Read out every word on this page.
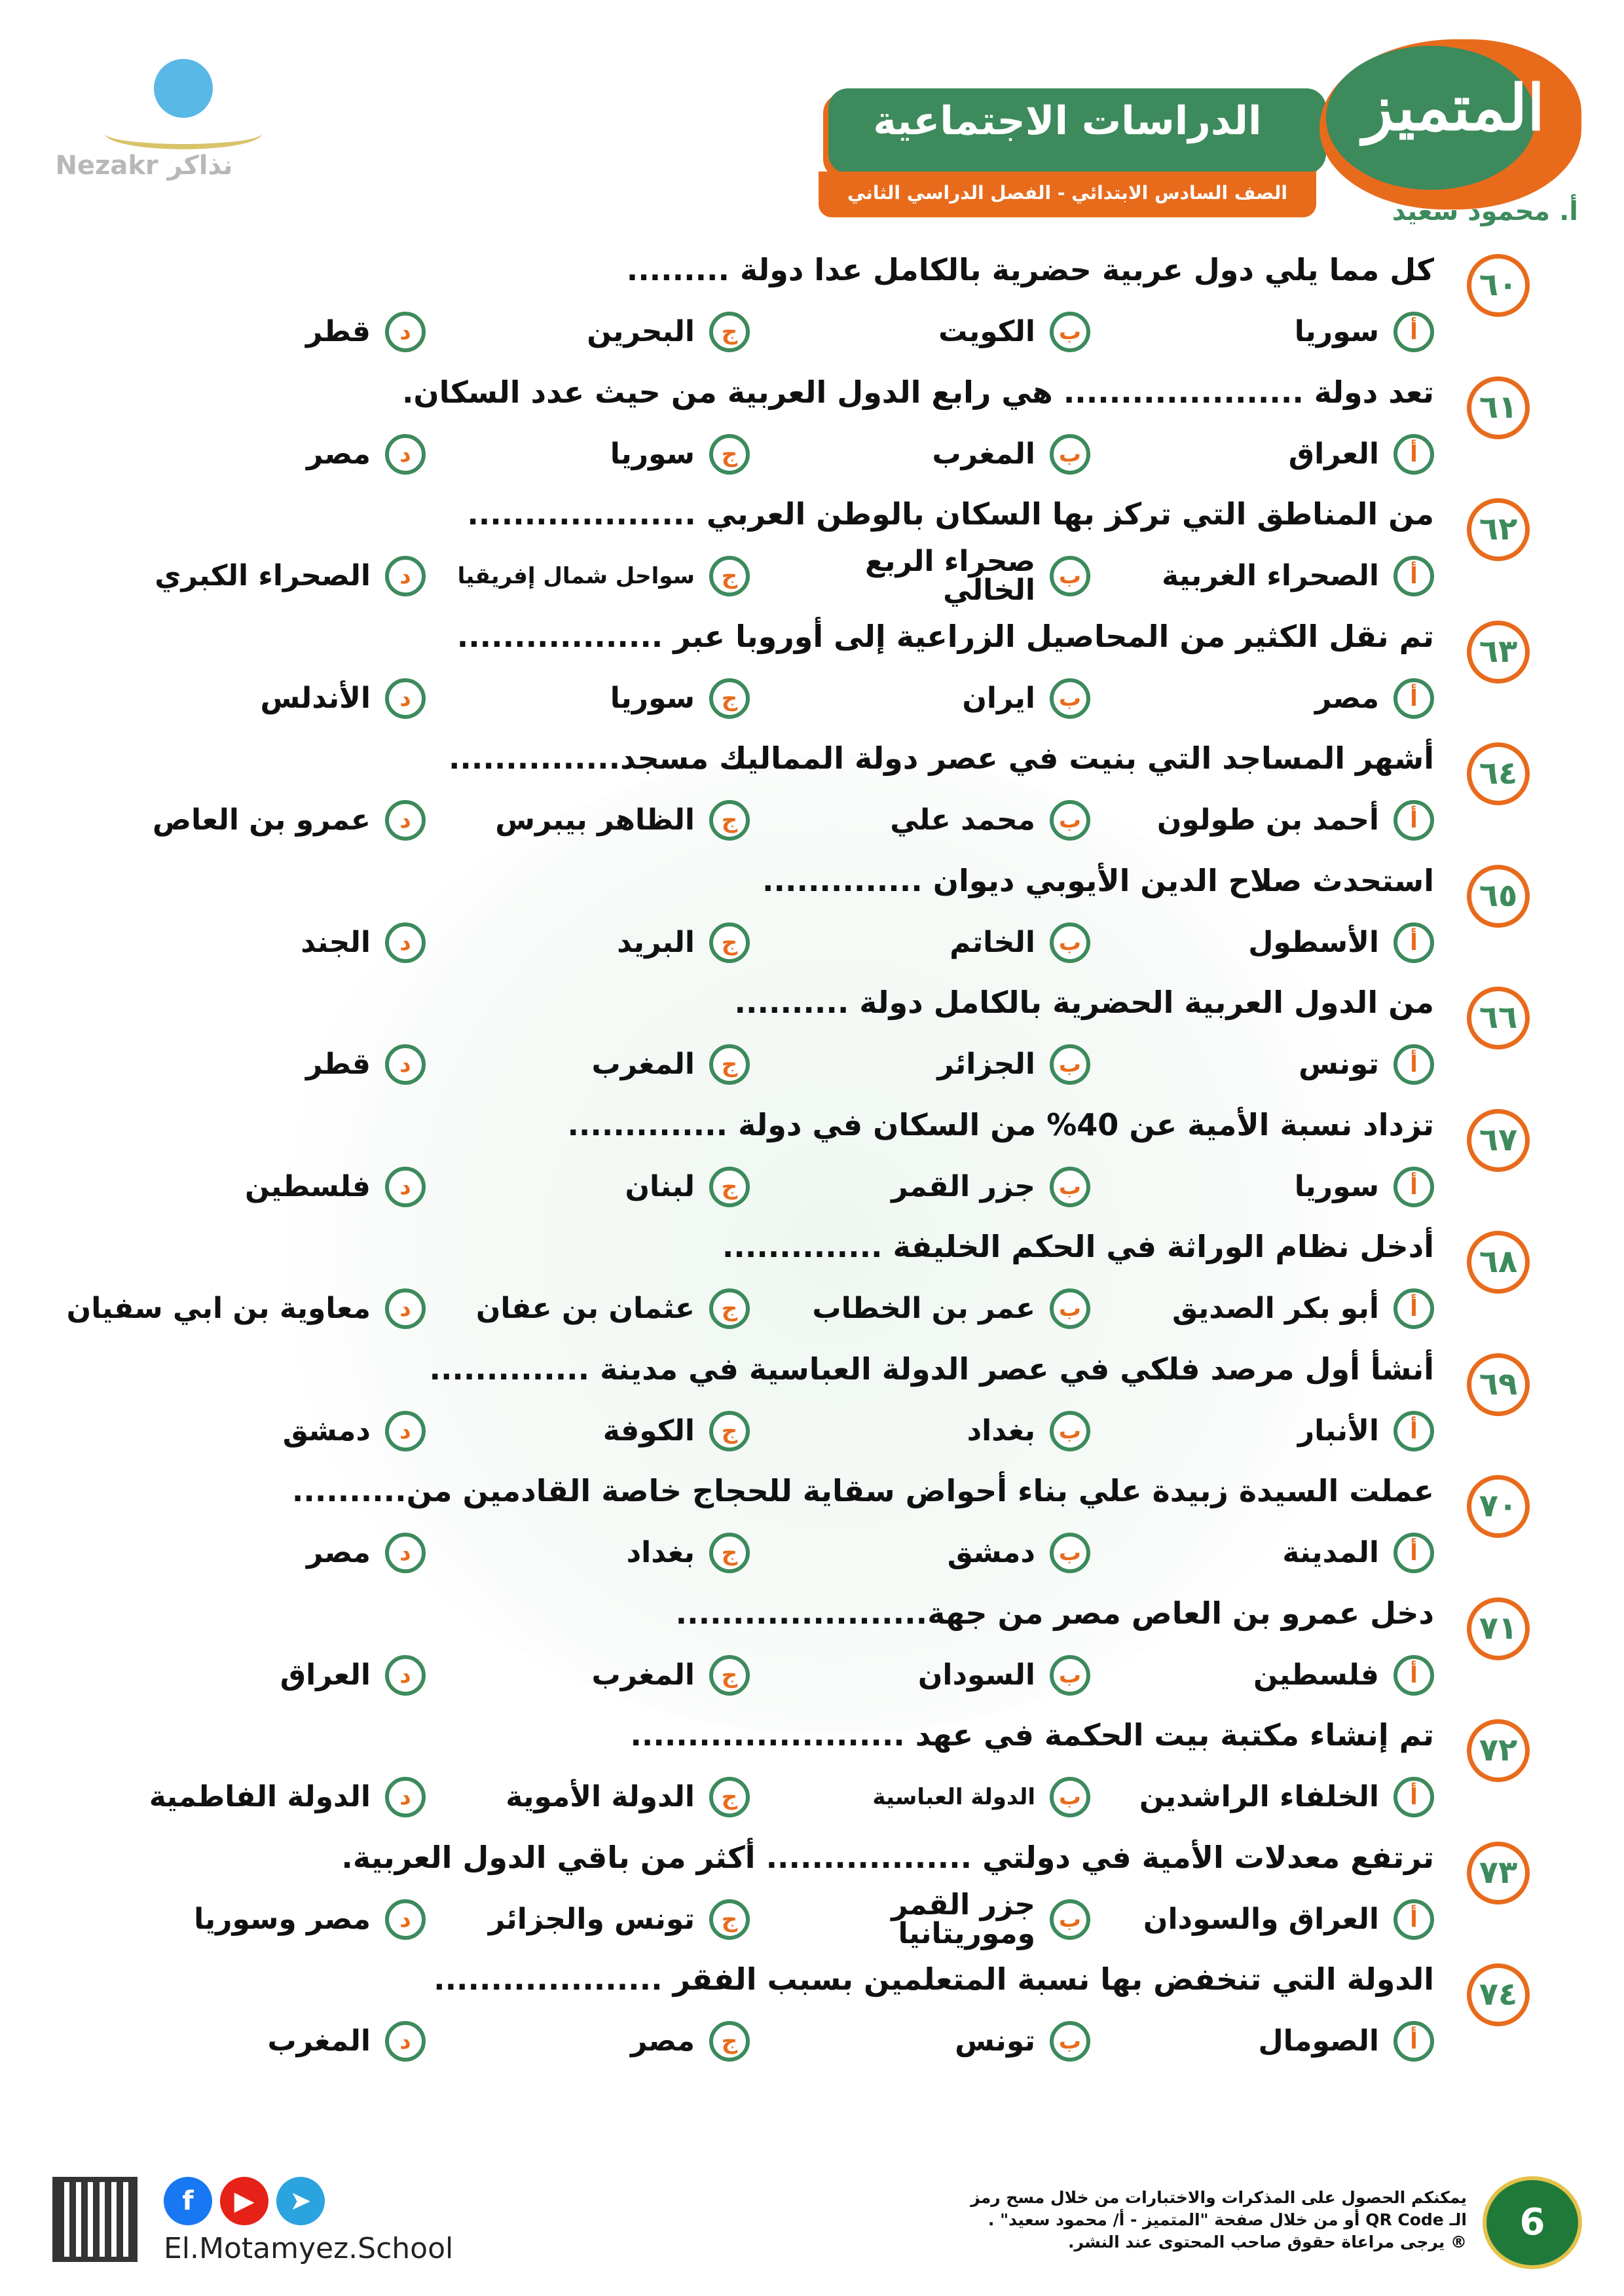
Nezakr نذاكر
الدراسات الاجتماعية
الصف السادس الابتدائي - الفصل الدراسي الثاني
المتميز
أ. محمود سعيد
٦٠
كل مما يلي دول عربية حضرية بالكامل عدا دولة .........
أ
سوريا
ب
الكويت
ج
البحرين
د
قطر
٦١
تعد دولة ..................... هي رابع الدول العربية من حيث عدد السكان.
أ
العراق
ب
المغرب
ج
سوريا
د
مصر
٦٢
من المناطق التي تركز بها السكان بالوطن العربي ....................
أ
الصحراء الغربية
ب
صحراء الربع الخالي
ج
سواحل شمال إفريقيا
د
الصحراء الكبري
٦٣
تم نقل الكثير من المحاصيل الزراعية إلى أوروبا عبر ..................
أ
مصر
ب
ايران
ج
سوريا
د
الأندلس
٦٤
أشهر المساجد التي بنيت في عصر دولة المماليك مسجد...............
أ
أحمد بن طولون
ب
محمد علي
ج
الظاهر بيبرس
د
عمرو بن العاص
٦٥
استحدث صلاح الدين الأيوبي ديوان ..............
أ
الأسطول
ب
الخاتم
ج
البريد
د
الجند
٦٦
من الدول العربية الحضرية بالكامل دولة ..........
أ
تونس
ب
الجزائر
ج
المغرب
د
قطر
٦٧
تزداد نسبة الأمية عن 40% من السكان في دولة ..............
أ
سوريا
ب
جزر القمر
ج
لبنان
د
فلسطين
٦٨
أدخل نظام الوراثة في الحكم الخليفة ..............
أ
أبو بكر الصديق
ب
عمر بن الخطاب
ج
عثمان بن عفان
د
معاوية بن ابي سفيان
٦٩
أنشأ أول مرصد فلكي في عصر الدولة العباسية في مدينة ..............
أ
الأنبار
ب
بغداد
ج
الكوفة
د
دمشق
٧٠
عملت السيدة زبيدة علي بناء أحواض سقاية للحجاج خاصة القادمين من..........
أ
المدينة
ب
دمشق
ج
بغداد
د
مصر
٧١
دخل عمرو بن العاص مصر من جهة......................
أ
فلسطين
ب
السودان
ج
المغرب
د
العراق
٧٢
تم إنشاء مكتبة بيت الحكمة في عهد ........................
أ
الخلفاء الراشدين
ب
الدولة العباسية
ج
الدولة الأموية
د
الدولة الفاطمية
٧٣
ترتفع معدلات الأمية في دولتي .................. أكثر من باقي الدول العربية.
أ
العراق والسودان
ب
جزر القمر وموريتانيا
ج
تونس والجزائر
د
مصر وسوريا
٧٤
الدولة التي تنخفض بها نسبة المتعلمين بسبب الفقر ....................
أ
الصومال
ب
تونس
ج
مصر
د
المغرب
f	▶	➤
El.Motamyez.School
يمكنكم الحصول على المذكرات والاختبارات من خلال مسح رمز
الـ QR Code أو من خلال صفحة "المتميز - أ/ محمود سعيد" .
® يرجى مراعاة حقوق صاحب المحتوى عند النشر.	6
